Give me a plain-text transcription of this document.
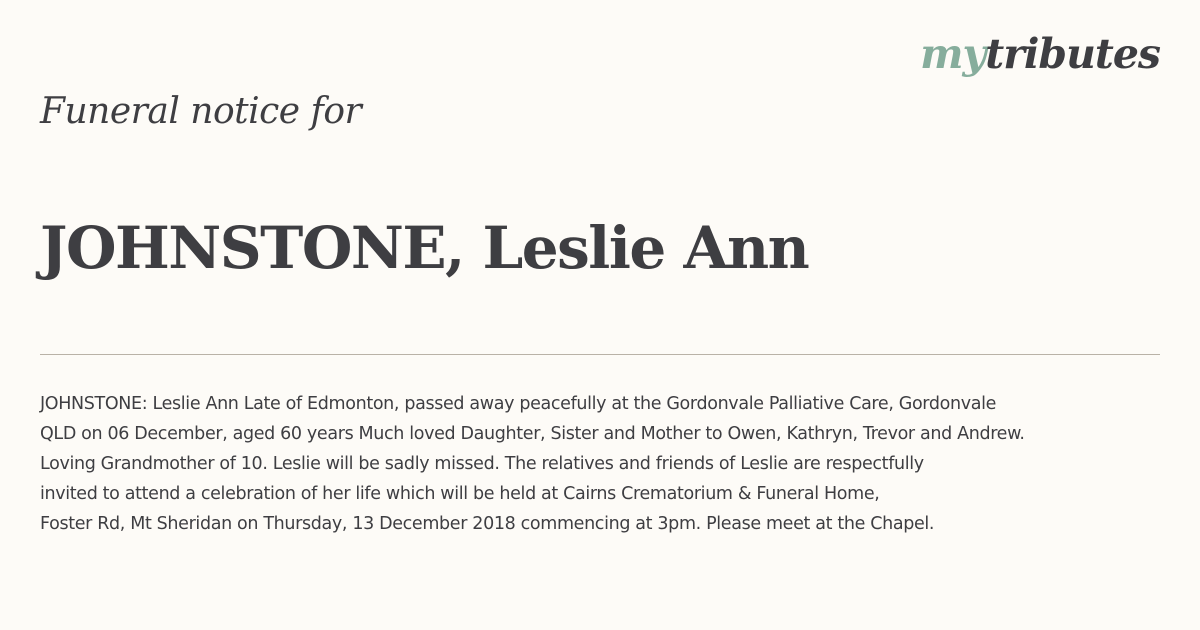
mytributes
Funeral notice for
JOHNSTONE, Leslie Ann
JOHNSTONE: Leslie Ann Late of Edmonton, passed away peacefully at the Gordonvale Palliative Care, Gordonvale
QLD on 06 December, aged 60 years Much loved Daughter, Sister and Mother to Owen, Kathryn, Trevor and Andrew.
Loving Grandmother of 10. Leslie will be sadly missed. The relatives and friends of Leslie are respectfully
invited to attend a celebration of her life which will be held at Cairns Crematorium & Funeral Home,
Foster Rd, Mt Sheridan on Thursday, 13 December 2018 commencing at 3pm. Please meet at the Chapel.
